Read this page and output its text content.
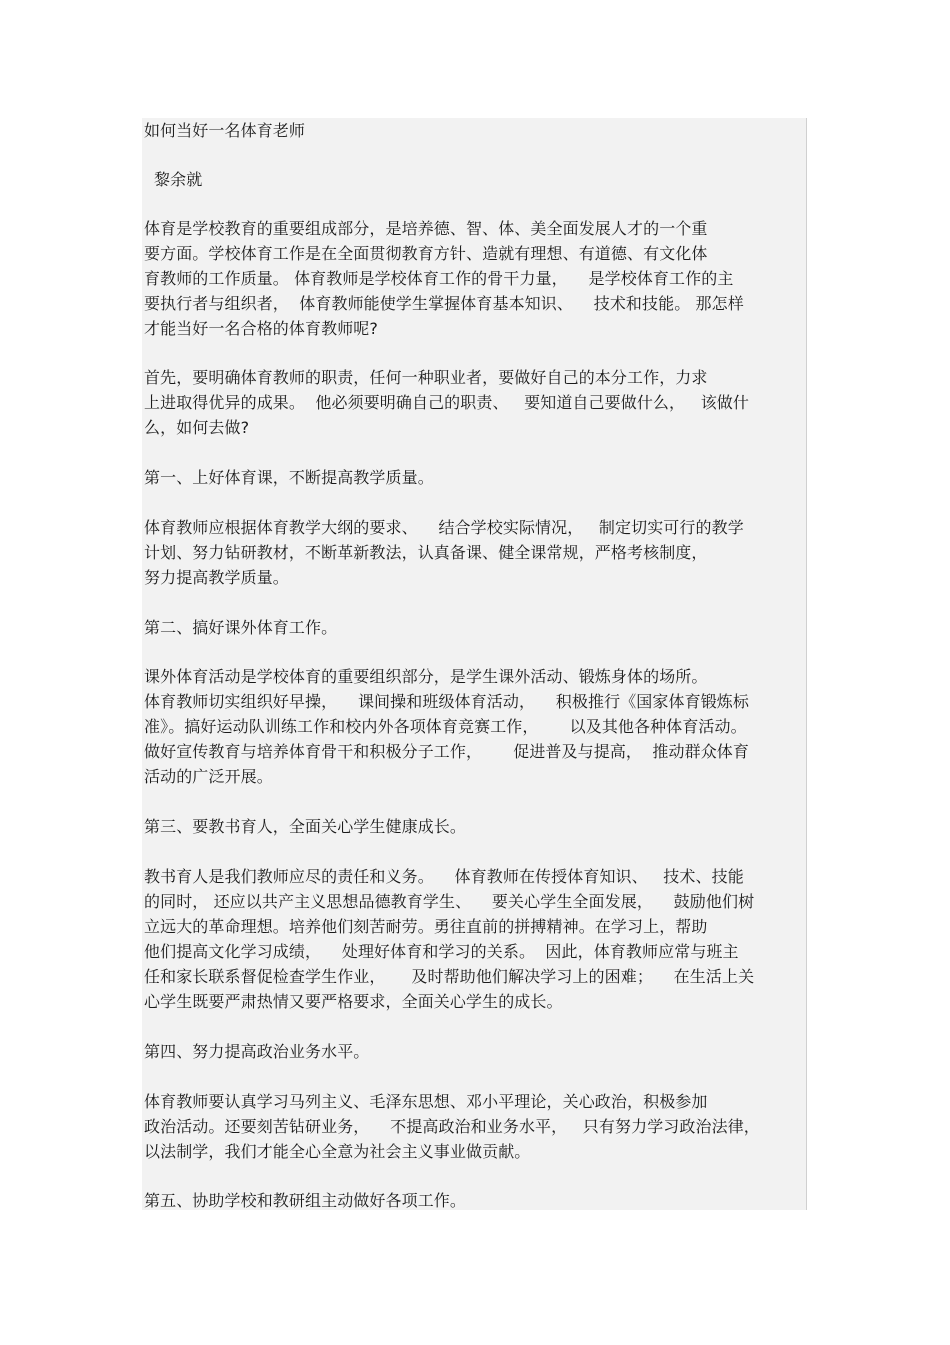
如何当好一名体育老师
黎余就
体育是学校教育的重要组成部分，是培养德、智、体、美全面发展人才的一个重
要方面。学校体育工作是在全面贯彻教育方针、造就有理想、有道德、有文化体
育教师的工作质量。 体育教师是学校体育工作的骨干力量，    是学校体育工作的主
要执行者与组织者，  体育教师能使学生掌握体育基本知识、    技术和技能。 那怎样
才能当好一名合格的体育教师呢?
首先，要明确体育教师的职责，任何一种职业者，要做好自己的本分工作，力求
上进取得优异的成果。  他必须要明确自己的职责、   要知道自己要做什么，   该做什
么，如何去做?
第一、上好体育课，不断提高教学质量。
体育教师应根据体育教学大纲的要求、    结合学校实际情况，   制定切实可行的教学
计划、努力钻研教材，不断革新教法，认真备课、健全课常规，严格考核制度，
努力提高教学质量。
第二、搞好课外体育工作。
课外体育活动是学校体育的重要组织部分，是学生课外活动、锻炼身体的场所。
体育教师切实组织好早操，    课间操和班级体育活动，    积极推行《国家体育锻炼标
准》。搞好运动队训练工作和校内外各项体育竞赛工作，      以及其他各种体育活动。
做好宣传教育与培养体育骨干和积极分子工作，      促进普及与提高，  推动群众体育
活动的广泛开展。
第三、要教书育人，全面关心学生健康成长。
教书育人是我们教师应尽的责任和义务。    体育教师在传授体育知识、   技术、技能
的同时， 还应以共产主义思想品德教育学生、    要关心学生全面发展，    鼓励他们树
立远大的革命理想。培养他们刻苦耐劳。勇往直前的拼搏精神。在学习上，帮助
他们提高文化学习成绩，    处理好体育和学习的关系。  因此，体育教师应常与班主
任和家长联系督促检查学生作业，     及时帮助他们解决学习上的困难；    在生活上关
心学生既要严肃热情又要严格要求，全面关心学生的成长。
第四、努力提高政治业务水平。
体育教师要认真学习马列主义、毛泽东思想、邓小平理论，关心政治，积极参加
政治活动。还要刻苦钻研业务，    不提高政治和业务水平，   只有努力学习政治法律，
以法制学，我们才能全心全意为社会主义事业做贡献。
第五、协助学校和教研组主动做好各项工作。
